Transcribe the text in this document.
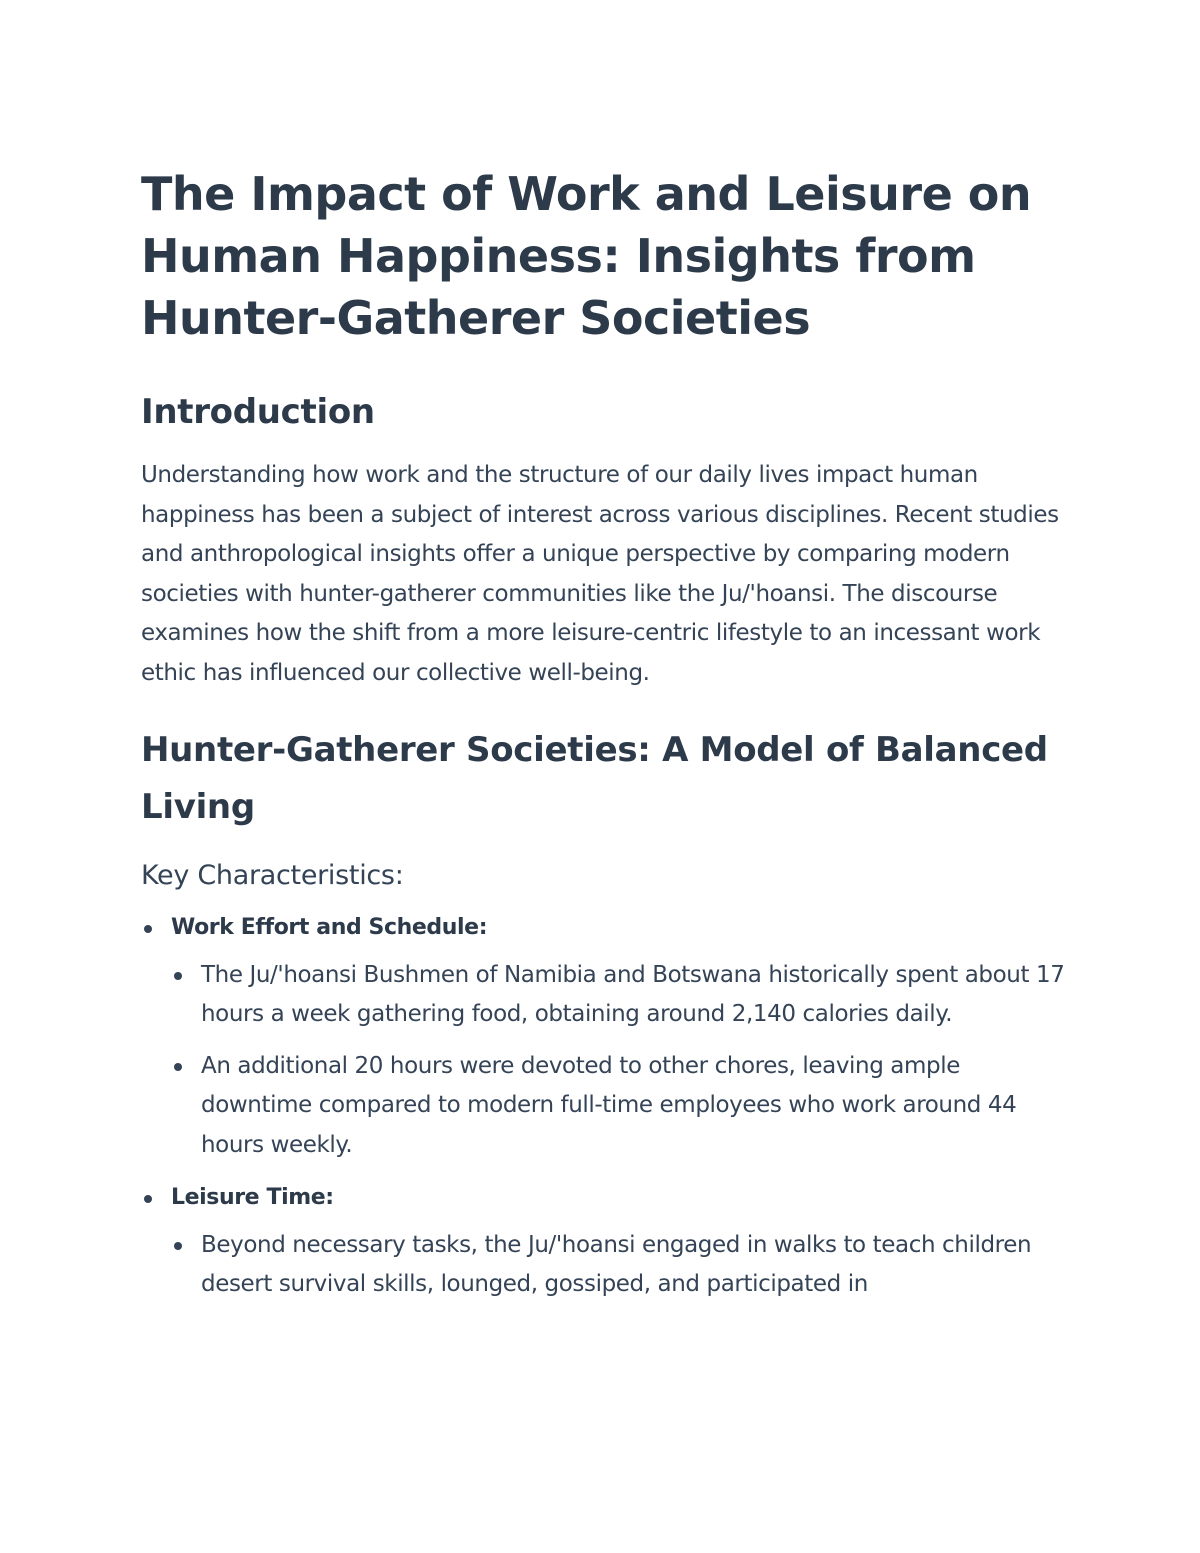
The Impact of Work and Leisure on Human Happiness: Insights from Hunter-Gatherer Societies
Introduction

Understanding how work and the structure of our daily lives impact human happiness has been a subject of interest across various disciplines. Recent studies and anthropological insights offer a unique perspective by comparing modern societies with hunter-gatherer communities like the Ju/'hoansi. The discourse examines how the shift from a more leisure-centric lifestyle to an incessant work ethic has influenced our collective well-being.

Hunter-Gatherer Societies: A Model of Balanced Living
Key Characteristics:
Work Effort and Schedule:
The Ju/'hoansi Bushmen of Namibia and Botswana historically spent about 17 hours a week gathering food, obtaining around 2,140 calories daily.
An additional 20 hours were devoted to other chores, leaving ample downtime compared to modern full-time employees who work around 44 hours weekly.
Leisure Time:
Beyond necessary tasks, the Ju/'hoansi engaged in walks to teach children desert survival skills, lounged, gossiped, and participated in
